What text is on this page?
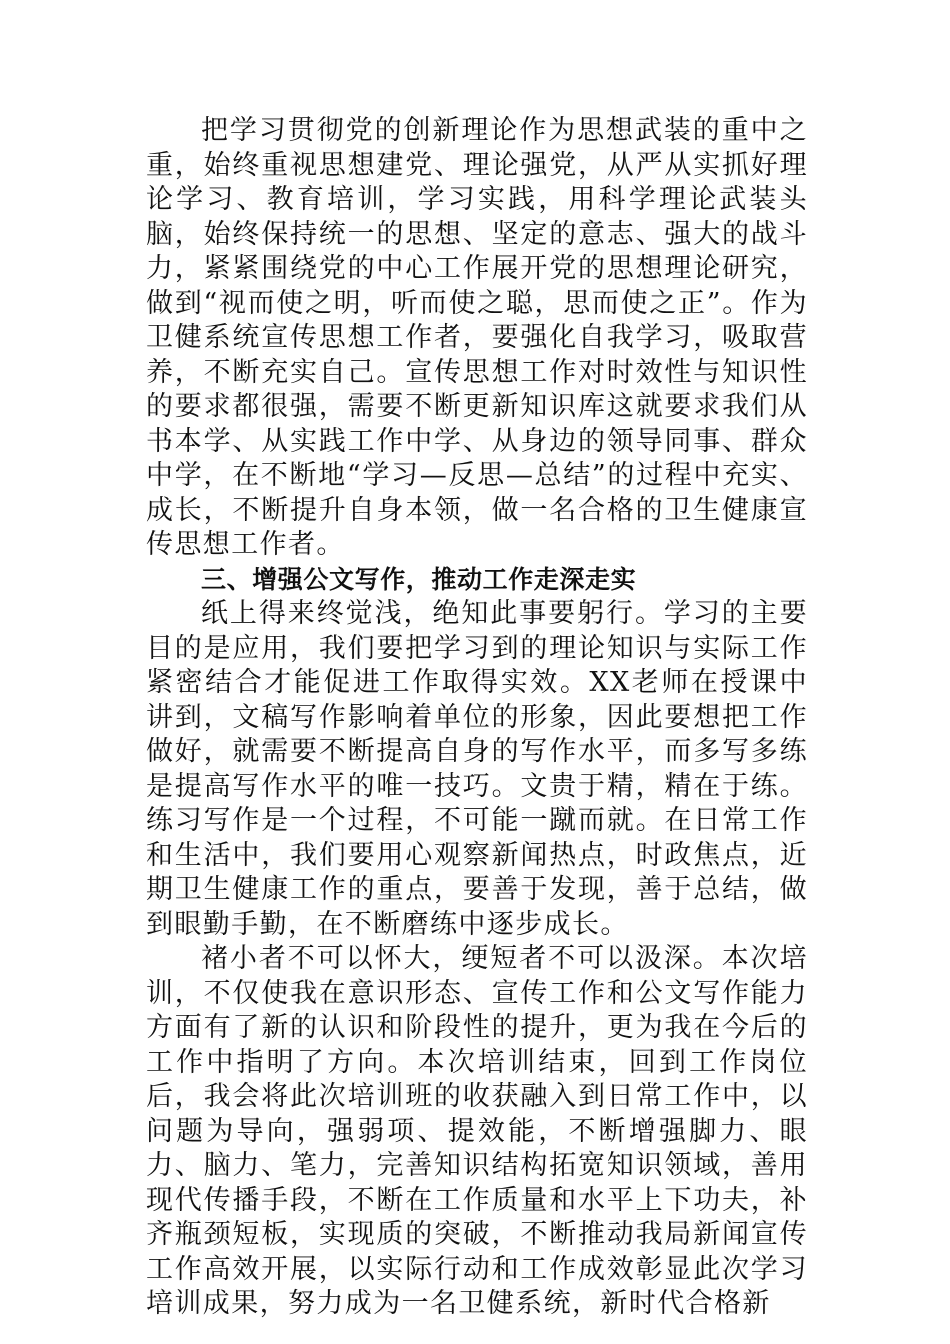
把学习贯彻党的创新理论作为思想武装的重中之重，始终重视思想建党、理论强党，从严从实抓好理论学习、教育培训，学习实践，用科学理论武装头脑，始终保持统一的思想、坚定的意志、强大的战斗力，紧紧围绕党的中心工作展开党的思想理论研究，做到“视而使之明，听而使之聪，思而使之正”。作为卫健系统宣传思想工作者，要强化自我学习，吸取营养，不断充实自己。宣传思想工作对时效性与知识性的要求都很强，需要不断更新知识库这就要求我们从书本学、从实践工作中学、从身边的领导同事、群众中学，在不断地“学习—反思—总结”的过程中充实、成长，不断提升自身本领，做一名合格的卫生健康宣传思想工作者。

三、增强公文写作，推动工作走深走实

纸上得来终觉浅，绝知此事要躬行。学习的主要目的是应用，我们要把学习到的理论知识与实际工作紧密结合才能促进工作取得实效。XX老师在授课中讲到，文稿写作影响着单位的形象，因此要想把工作做好，就需要不断提高自身的写作水平，而多写多练是提高写作水平的唯一技巧。文贵于精，精在于练。练习写作是一个过程，不可能一蹴而就。在日常工作和生活中，我们要用心观察新闻热点，时政焦点，近期卫生健康工作的重点，要善于发现，善于总结，做到眼勤手勤，在不断磨练中逐步成长。

褚小者不可以怀大，绠短者不可以汲深。本次培训，不仅使我在意识形态、宣传工作和公文写作能力方面有了新的认识和阶段性的提升，更为我在今后的工作中指明了方向。本次培训结束，回到工作岗位后，我会将此次培训班的收获融入到日常工作中，以问题为导向，强弱项、提效能，不断增强脚力、眼力、脑力、笔力，完善知识结构拓宽知识领域，善用现代传播手段，不断在工作质量和水平上下功夫，补齐瓶颈短板，实现质的突破，不断推动我局新闻宣传工作高效开展，以实际行动和工作成效彰显此次学习培训成果，努力成为一名卫健系统，新时代合格新
